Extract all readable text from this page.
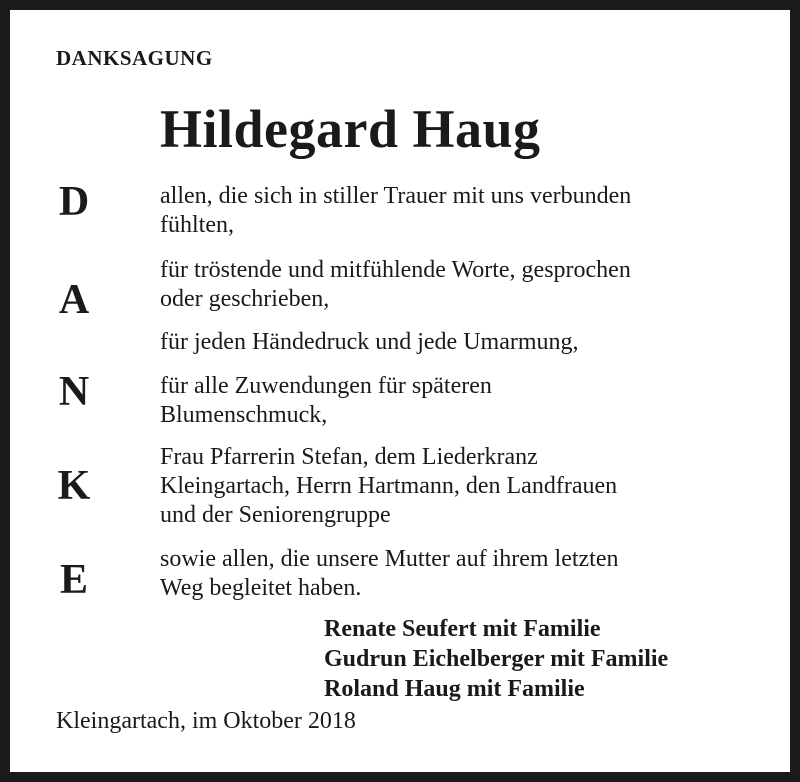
DANKSAGUNG
Hildegard Haug
D
A
N
K
E
allen, die sich in stiller Trauer mit uns verbunden
fühlten,
für tröstende und mitfühlende Worte, gesprochen
oder geschrieben,
für jeden Händedruck und jede Umarmung,
für alle Zuwendungen für späteren
Blumenschmuck,
Frau Pfarrerin Stefan, dem Liederkranz
Kleingartach, Herrn Hartmann, den Landfrauen
und der Seniorengruppe
sowie allen, die unsere Mutter auf ihrem letzten
Weg begleitet haben.
Renate Seufert mit Familie
Gudrun Eichelberger mit Familie
Roland Haug mit Familie
Kleingartach, im Oktober 2018
